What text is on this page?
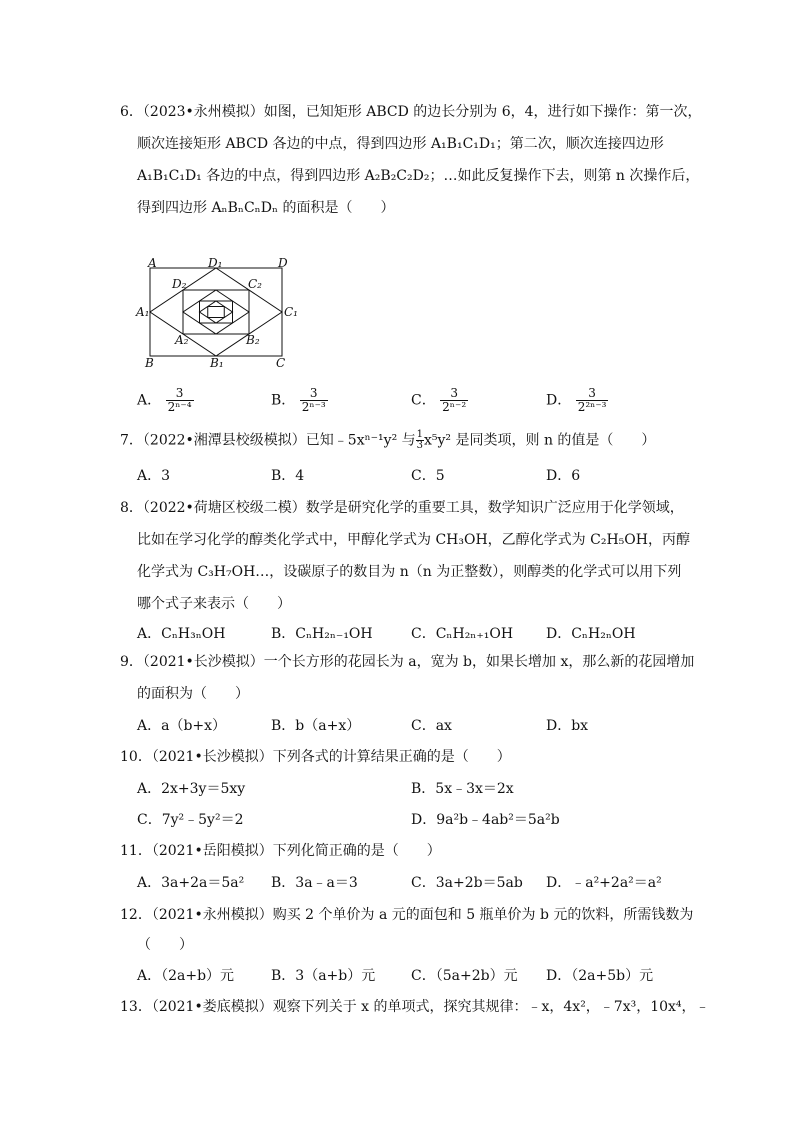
6．（2023•永州模拟）如图，已知矩形 ABCD 的边长分别为 6，4，进行如下操作：第一次，
顺次连接矩形 ABCD 各边的中点，得到四边形 A₁B₁C₁D₁；第二次，顺次连接四边形
A₁B₁C₁D₁ 各边的中点，得到四边形 A₂B₂C₂D₂；…如此反复操作下去，则第 n 次操作后，
得到四边形 AₙBₙCₙDₙ 的面积是（　　）
A	D₁	D
D₂	C₂
A₁	C₁
A₂	B₂
B	B₁	C
A． $\frac{3}{\text{2ⁿ⁻⁴}}$	B． $\frac{3}{\text{2ⁿ⁻³}}$	C． $\frac{3}{\text{2ⁿ⁻²}}$	D． $\frac{3}{\text{2²ⁿ⁻³}}$
7．（2022•湘潭县校级模拟）已知﹣5xⁿ⁻¹y² 与 $\frac{1}{3} x^5y^2$ 是同类项，则 n 的值是（　　）
A．3	B．4	C．5	D．6
8．（2022•荷塘区校级二模）数学是研究化学的重要工具，数学知识广泛应用于化学领域，
比如在学习化学的醇类化学式中，甲醇化学式为 CH₃OH，乙醇化学式为 C₂H₅OH，丙醇
化学式为 C₃H₇OH…，设碳原子的数目为 n（n 为正整数），则醇类的化学式可以用下列
哪个式子来表示（　　）
A．CₙH₃ₙOH	B．CₙH₂ₙ₋₁OH	C．CₙH₂ₙ₊₁OH D．CₙH₂ₙOH
9．（2021•长沙模拟）一个长方形的花园长为 a，宽为 b，如果长增加 x，那么新的花园增加
的面积为（　　）
A．a（b+x）	B．b（a+x）	C．ax	D．bx
10．（2021•长沙模拟）下列各式的计算结果正确的是（　　）
A．2x+3y＝5xy	B．5x﹣3x＝2x
C．7y²﹣5y²＝2	D．9a²b﹣4ab²＝5a²b
11．（2021•岳阳模拟）下列化简正确的是（　　）
A．3a+2a＝5a² B．3a﹣a＝3	C．3a+2b＝5ab D．﹣a²+2a²＝a²
12．（2021•永州模拟）购买 2 个单价为 a 元的面包和 5 瓶单价为 b 元的饮料，所需钱数为
（　　）
A．（2a+b）元	B．3（a+b）元	C．（5a+2b）元 D．（2a+5b）元
13．（2021•娄底模拟）观察下列关于 x 的单项式，探究其规律：﹣x，4x²，﹣7x³，10x⁴，﹣
